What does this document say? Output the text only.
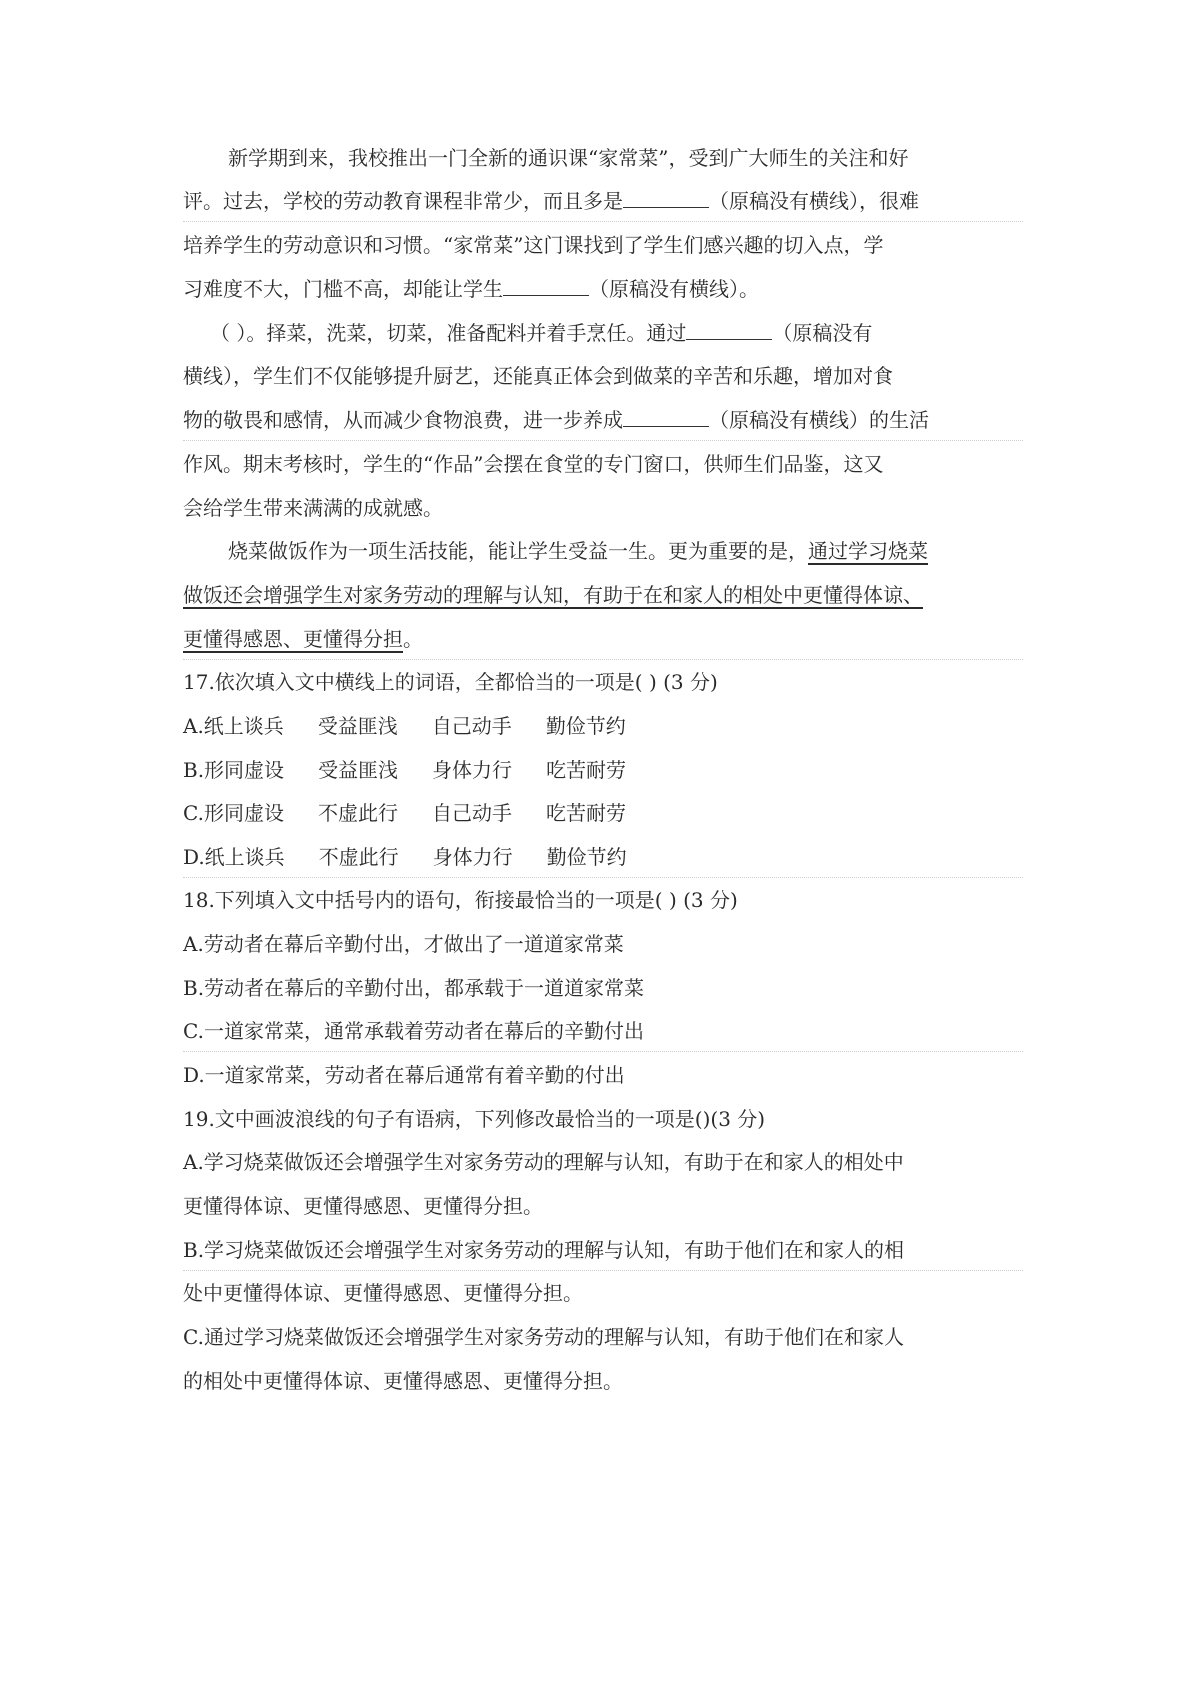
新学期到来，我校推出一门全新的通识课“家常菜”，受到广大师生的关注和好
评。过去，学校的劳动教育课程非常少，而且多是	（原稿没有横线），很难
培养学生的劳动意识和习惯。“家常菜”这门课找到了学生们感兴趣的切入点，学
习难度不大，门槛不高，却能让学生	（原稿没有横线）。
（ ）。择菜，洗菜，切菜，准备配料并着手烹任。通过	（原稿没有
横线），学生们不仅能够提升厨艺，还能真正体会到做菜的辛苦和乐趣，增加对食
物的敬畏和感情，从而减少食物浪费，进一步养成	（原稿没有横线）的生活
作风。期末考核时，学生的“作品”会摆在食堂的专门窗口，供师生们品鉴，这又
会给学生带来满满的成就感。
烧菜做饭作为一项生活技能，能让学生受益一生。更为重要的是，通过学习烧菜
做饭还会增强学生对家务劳动的理解与认知，有助于在和家人的相处中更懂得体谅、
更懂得感恩、更懂得分担。
17.依次填入文中横线上的词语，全都恰当的一项是( ) (3 分)
A.纸上谈兵 受益匪浅 自己动手 勤俭节约
B.形同虚设 受益匪浅 身体力行 吃苦耐劳
C.形同虚设 不虚此行 自己动手 吃苦耐劳
D.纸上谈兵 不虚此行 身体力行 勤俭节约
18.下列填入文中括号内的语句，衔接最恰当的一项是( ) (3 分)
A.劳动者在幕后辛勤付出，才做出了一道道家常菜
B.劳动者在幕后的辛勤付出，都承载于一道道家常菜
C.一道家常菜，通常承载着劳动者在幕后的辛勤付出
D.一道家常菜，劳动者在幕后通常有着辛勤的付出
19.文中画波浪线的句子有语病，下列修改最恰当的一项是()(3 分)
A.学习烧菜做饭还会增强学生对家务劳动的理解与认知，有助于在和家人的相处中
更懂得体谅、更懂得感恩、更懂得分担。
B.学习烧菜做饭还会增强学生对家务劳动的理解与认知，有助于他们在和家人的相
处中更懂得体谅、更懂得感恩、更懂得分担。
C.通过学习烧菜做饭还会增强学生对家务劳动的理解与认知，有助于他们在和家人
的相处中更懂得体谅、更懂得感恩、更懂得分担。
